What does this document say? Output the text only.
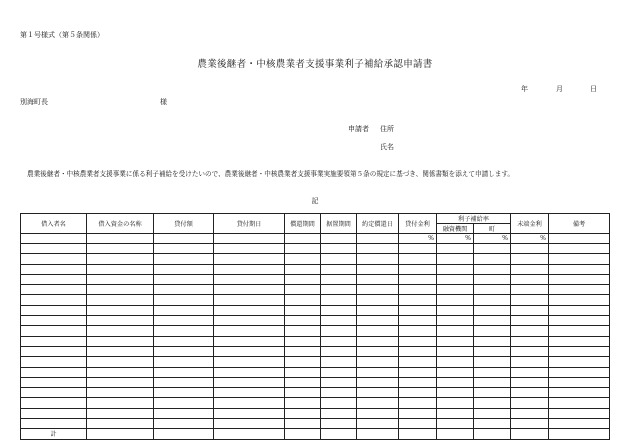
第１号様式（第５条関係）
農業後継者・中核農業者支援事業利子補給承認申請書
年	月	日
別海町長	様
申請者 住所
氏名
農業後継者・中核農業者支援事業に係る利子補給を受けたいので、農業後継者・中核農業者支援事業実施要領第５条の規定に基づき、関係書類を添えて申請します。
記
借入者名	借入資金の名称	貸付額	貸付期日	償還期間	据置期間	約定償還日	貸付金利	利子補給率		末端金利	備考
								融資機関	町		
							%	%	%	%	

計											
